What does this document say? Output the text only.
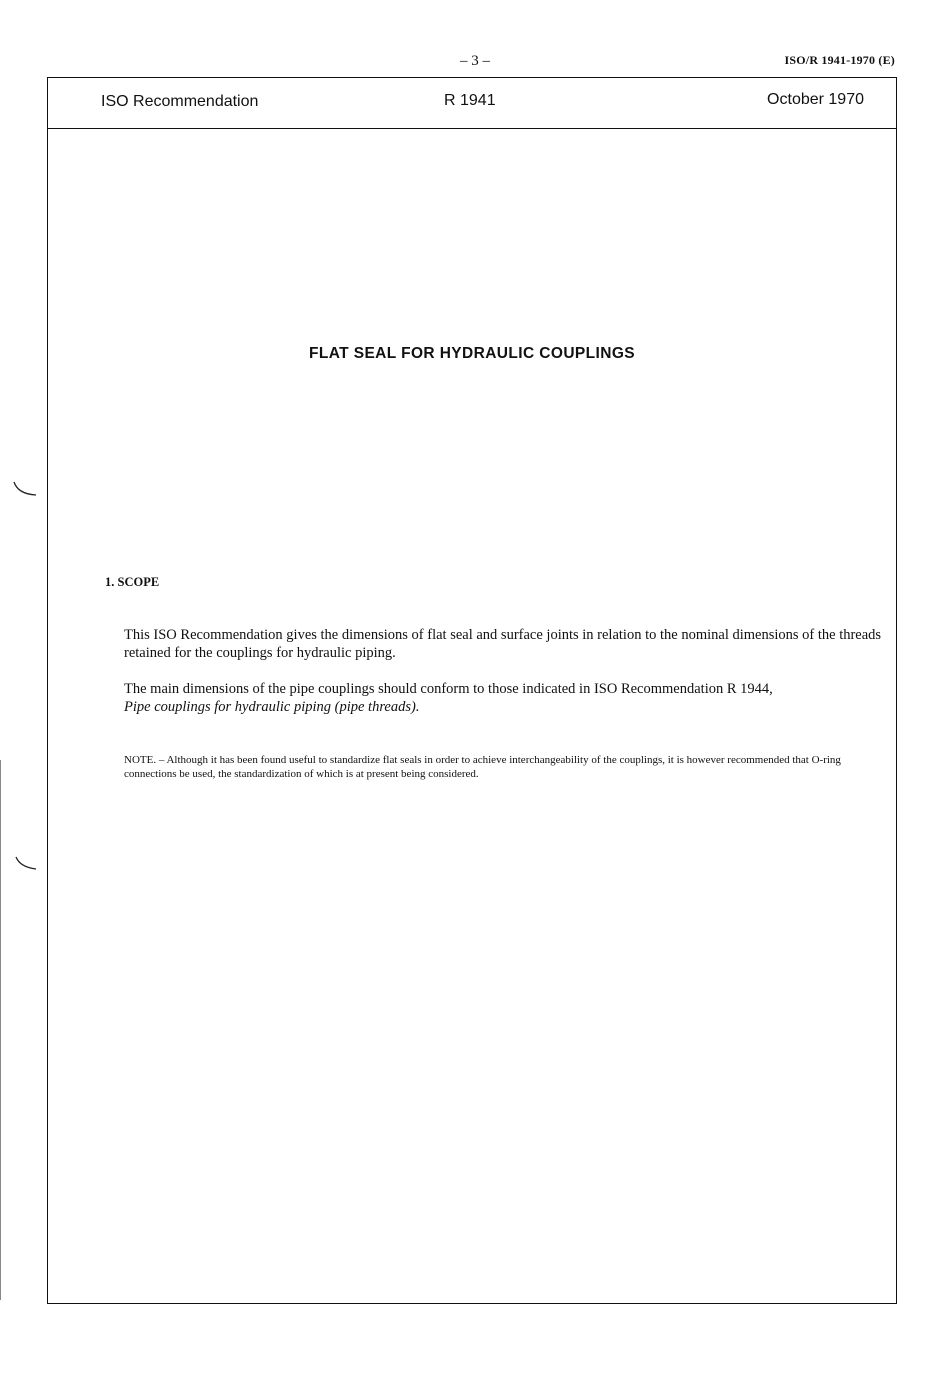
– 3 –	ISO/R 1941-1970 (E)
ISO Recommendation	R 1941	October 1970
FLAT SEAL FOR HYDRAULIC COUPLINGS
1. SCOPE
This ISO Recommendation gives the dimensions of flat seal and surface joints in relation to the nominal dimensions of the threads retained for the couplings for hydraulic piping.
The main dimensions of the pipe couplings should conform to those indicated in ISO Recommendation R 1944,
Pipe couplings for hydraulic piping (pipe threads).
NOTE. – Although it has been found useful to standardize flat seals in order to achieve interchangeability of the couplings, it is however recommended that O-ring connections be used, the standardization of which is at present being considered.
